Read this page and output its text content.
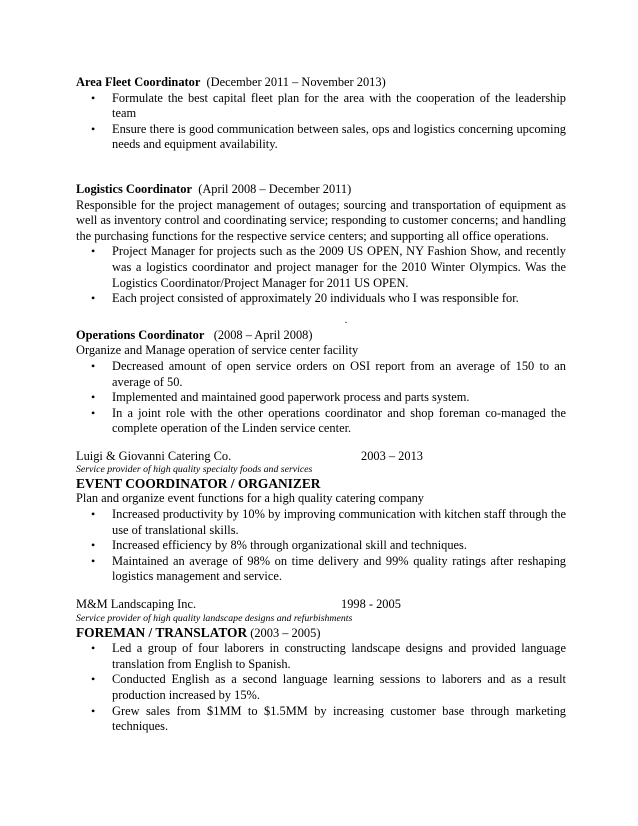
Area Fleet Coordinator (December 2011 – November 2013)

• Formulate the best capital fleet plan for the area with the cooperation of the leadership team
• Ensure there is good communication between sales, ops and logistics concerning upcoming needs and equipment availability.

Logistics Coordinator (April 2008 – December 2011)

Responsible for the project management of outages; sourcing and transportation of equipment as well as inventory control and coordinating service; responding to customer concerns; and handling the purchasing functions for the respective service centers; and supporting all office operations.

• Project Manager for projects such as the 2009 US OPEN, NY Fashion Show, and recently was a logistics coordinator and project manager for the 2010 Winter Olympics. Was the Logistics Coordinator/Project Manager for 2011 US OPEN.
• Each project consisted of approximately 20 individuals who I was responsible for.
.

Operations Coordinator (2008 – April 2008)

Organize and Manage operation of service center facility

• Decreased amount of open service orders on OSI report from an average of 150 to an average of 50.
• Implemented and maintained good paperwork process and parts system.
• In a joint role with the other operations coordinator and shop foreman co-managed the complete operation of the Linden service center.
Luigi & Giovanni Catering Co.	2003 – 2013

Service provider of high quality specialty foods and services

EVENT COORDINATOR / ORGANIZER

Plan and organize event functions for a high quality catering company

• Increased productivity by 10% by improving communication with kitchen staff through the use of translational skills.
• Increased efficiency by 8% through organizational skill and techniques.
• Maintained an average of 98% on time delivery and 99% quality ratings after reshaping logistics management and service.
M&M Landscaping Inc.	1998 - 2005

Service provider of high quality landscape designs and refurbishments

FOREMAN / TRANSLATOR (2003 – 2005)

• Led a group of four laborers in constructing landscape designs and provided language translation from English to Spanish.
• Conducted English as a second language learning sessions to laborers and as a result production increased by 15%.
• Grew sales from $1MM to $1.5MM by increasing customer base through marketing techniques.
